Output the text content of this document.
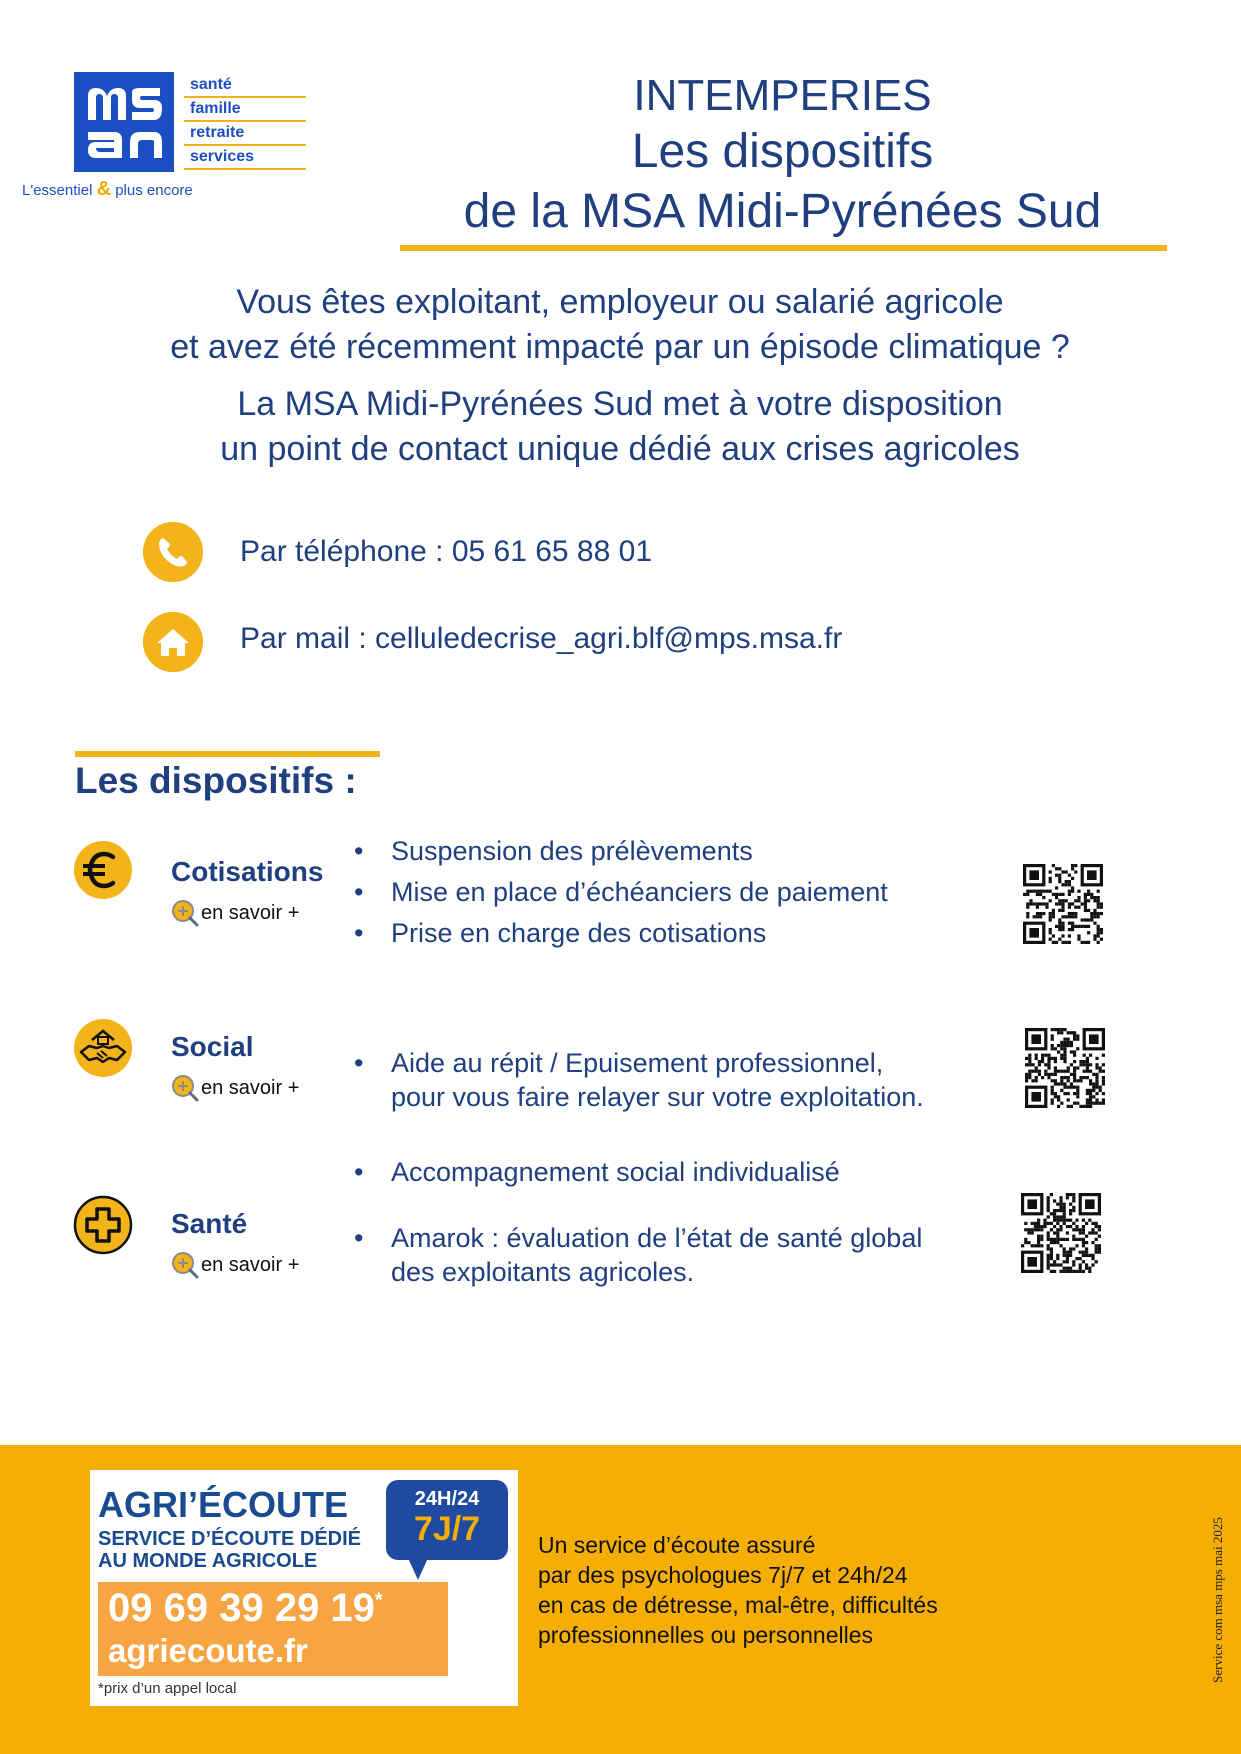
santé
famille
retraite
services
L'essentiel & plus encore
INTEMPERIES
Les dispositifs
de la MSA Midi-Pyrénées Sud
Vous êtes exploitant, employeur ou salarié agricole
et avez été récemment impacté par un épisode climatique ?
La MSA Midi-Pyrénées Sud met à votre disposition
un point de contact unique dédié aux crises agricoles
Par téléphone : 05 61 65 88 01
Par mail : celluledecrise_agri.blf@mps.msa.fr
Les dispositifs :
Cotisations
en savoir +
• Suspension des prélèvements
• Mise en place d’échéanciers de paiement
• Prise en charge des cotisations
Social
en savoir +

• Aide au répit / Epuisement professionnel,
pour vous faire relayer sur votre exploitation.

• Accompagnement social individualisé

Santé
en savoir +

• Amarok : évaluation de l’état de santé global
des exploitants agricoles.

AGRI’ÉCOUTE
SERVICE D’ÉCOUTE DÉDIÉ
AU MONDE AGRICOLE
24H/24
7J/7
09 69 39 29 19*
agriecoute.fr
*prix d’un appel local
Un service d’écoute assuré
par des psychologues 7j/7 et 24h/24
en cas de détresse, mal-être, difficultés
professionnelles ou personnelles	Service com msa mps mai 2025
